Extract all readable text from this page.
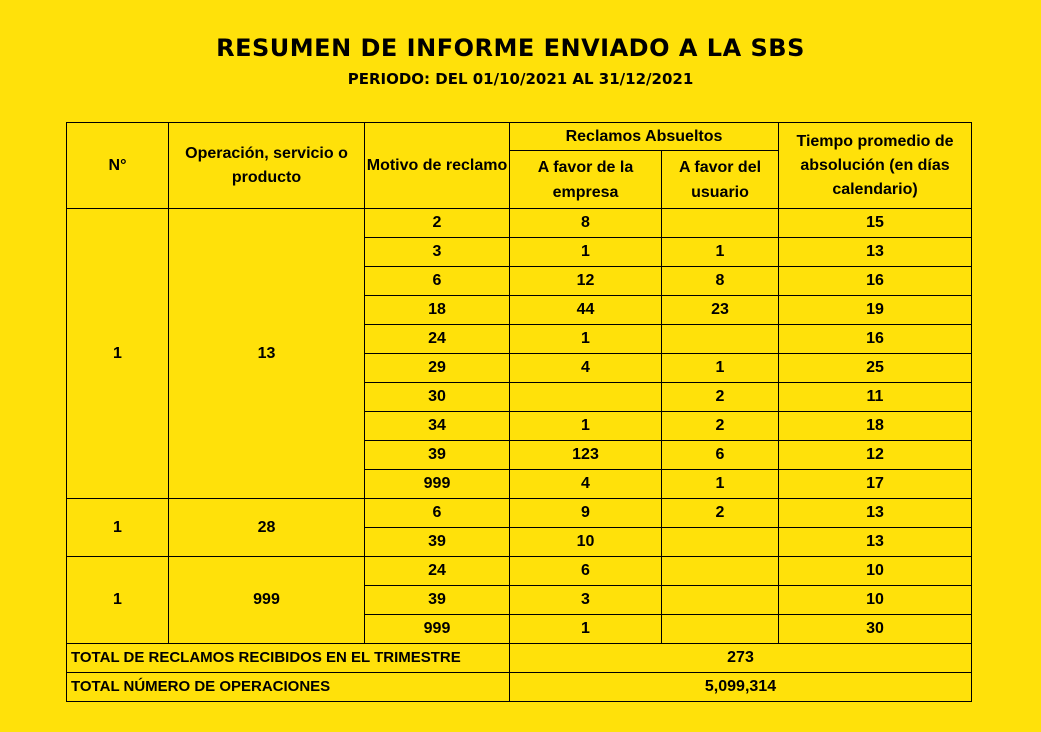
RESUMEN DE INFORME ENVIADO A LA SBS
PERIODO: DEL 01/10/2021 AL 31/12/2021
N°	Operación, servicio o producto	Motivo de reclamo	Reclamos Absueltos		Tiempo promedio de absolución (en días calendario)
			A favor de la empresa	A favor del usuario	
1	13	2	8		15
		3	1	1	13
		6	12	8	16
		18	44	23	19
		24	1		16
		29	4	1	25
		30		2	11
		34	1	2	18
		39	123	6	12
		999	4	1	17
1	28	6	9	2	13
		39	10		13
1	999	24	6		10
		39	3		10
		999	1		30
TOTAL DE RECLAMOS RECIBIDOS EN EL TRIMESTRE			273		
TOTAL NÚMERO DE OPERACIONES			5,099,314		
